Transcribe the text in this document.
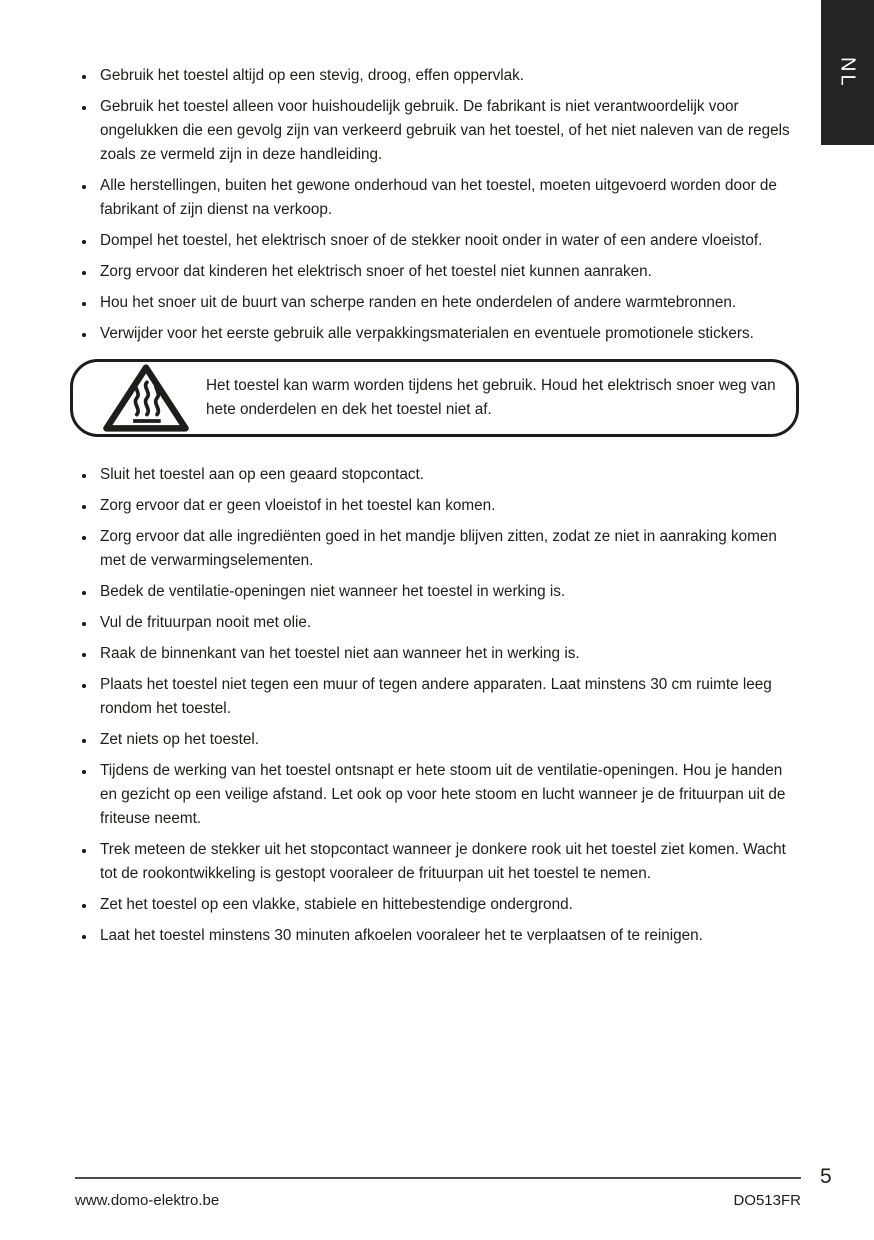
NL
Gebruik het toestel altijd op een stevig, droog, effen oppervlak.
Gebruik het toestel alleen voor huishoudelijk gebruik. De fabrikant is niet verantwoordelijk voor ongelukken die een gevolg zijn van verkeerd gebruik van het toestel, of het niet naleven van de regels zoals ze vermeld zijn in deze handleiding.
Alle herstellingen, buiten het gewone onderhoud van het toestel, moeten uitgevoerd worden door de fabrikant of zijn dienst na verkoop.
Dompel het toestel, het elektrisch snoer of de stekker nooit onder in water of een andere vloeistof.
Zorg ervoor dat kinderen het elektrisch snoer of het toestel niet kunnen aanraken.
Hou het snoer uit de buurt van scherpe randen en hete onderdelen of andere warmtebronnen.
Verwijder voor het eerste gebruik alle verpakkingsmaterialen en eventuele promotionele stickers.
Het toestel kan warm worden tijdens het gebruik. Houd het elektrisch snoer weg van hete onderdelen en dek het toestel niet af.
Sluit het toestel aan op een geaard stopcontact.
Zorg ervoor dat er geen vloeistof in het toestel kan komen.
Zorg ervoor dat alle ingrediënten goed in het mandje blijven zitten, zodat ze niet in aanraking komen met de verwarmingselementen.
Bedek de ventilatie-openingen niet wanneer het toestel in werking is.
Vul de frituurpan nooit met olie.
Raak de binnenkant van het toestel niet aan wanneer het in werking is.
Plaats het toestel niet tegen een muur of tegen andere apparaten. Laat minstens 30 cm ruimte leeg rondom het toestel.
Zet niets op het toestel.
Tijdens de werking van het toestel ontsnapt er hete stoom uit de ventilatie-openingen. Hou je handen en gezicht op een veilige afstand. Let ook op voor hete stoom en lucht wanneer je de frituurpan uit de friteuse neemt.
Trek meteen de stekker uit het stopcontact wanneer je donkere rook uit het toestel ziet komen. Wacht tot de rookontwikkeling is gestopt vooraleer de frituurpan uit het toestel te nemen.
Zet het toestel op een vlakke, stabiele en hittebestendige ondergrond.
Laat het toestel minstens 30 minuten afkoelen vooraleer het te verplaatsen of te reinigen.
5
www.domo-elektro.be	DO513FR
